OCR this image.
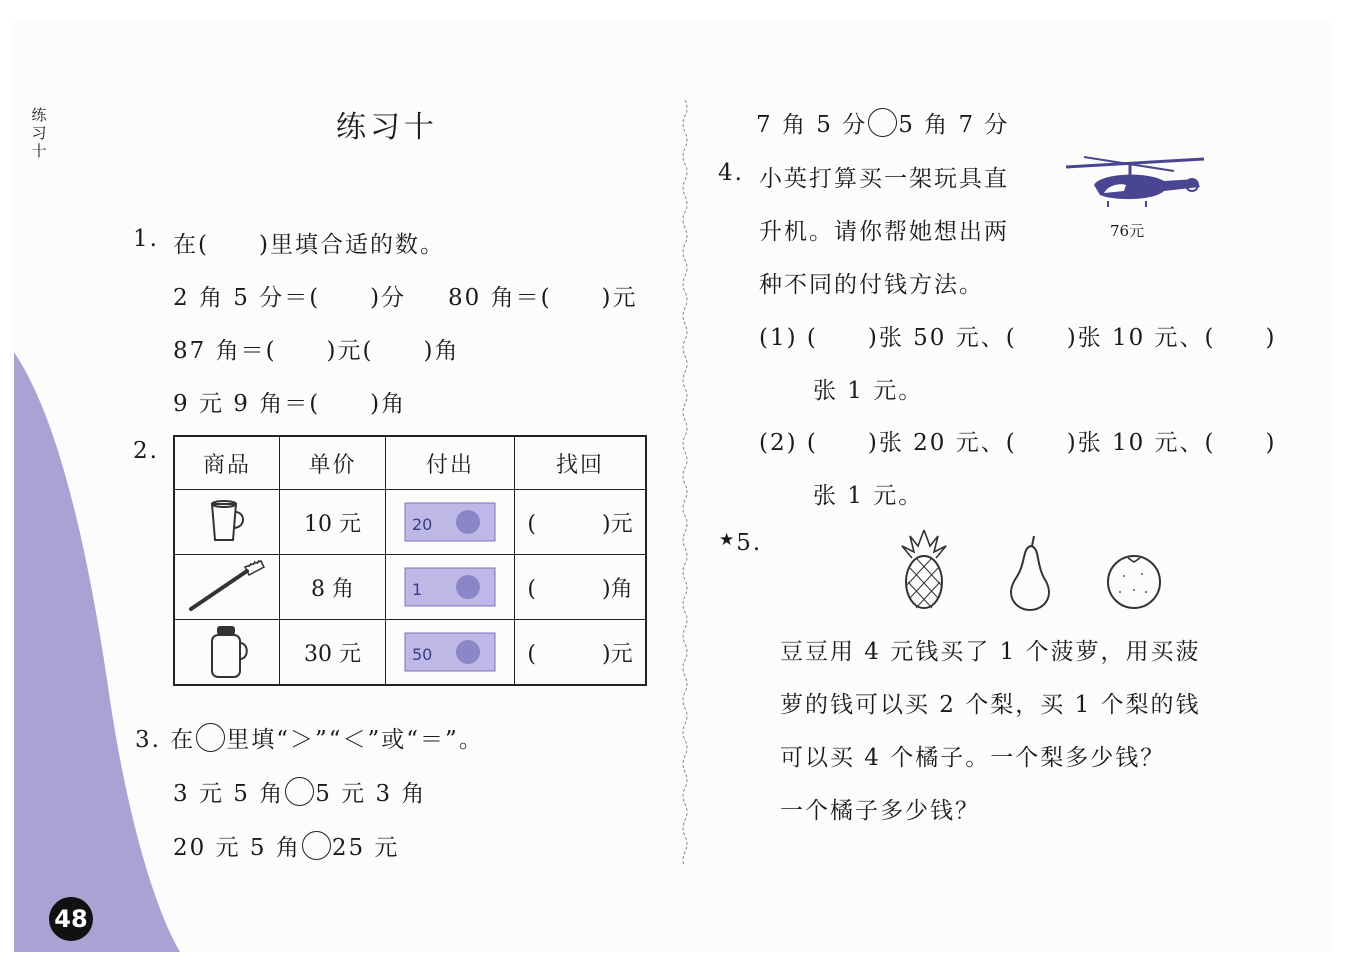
练习十
48
练习十
1. 在(　　)里填合适的数。
2 角 5 分＝(　　)分 80 角＝(　　)元
87 角＝(　　)元(　　)角
9 元 9 角＝(　　)角
2.
商品	单价	付出	找回
	10 元	20	(　　　)元
	8 角	1	(　　　)角
	30 元	50	(　　　)元
3. 在 里填“＞”“＜”或“＝”。
3 元 5 角 5 元 3 角
20 元 5 角 25 元
7 角 5 分 5 角 7 分
4. 小英打算买一架玩具直
升机。请你帮她想出两
种不同的付钱方法。
76元
(1) (　　)张 50 元、(　　)张 10 元、(　　)
张 1 元。
(2) (　　)张 20 元、(　　)张 10 元、(　　)
张 1 元。
★5.
豆豆用 4 元钱买了 1 个菠萝，用买菠
萝的钱可以买 2 个梨，买 1 个梨的钱
可以买 4 个橘子。一个梨多少钱？
一个橘子多少钱？
